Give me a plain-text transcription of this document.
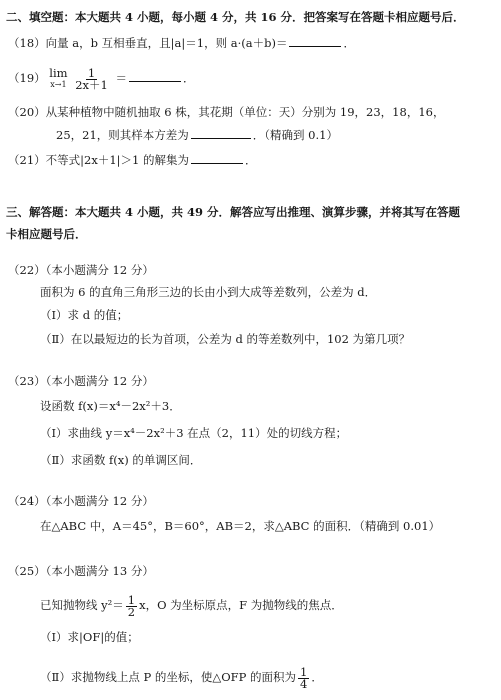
二、填空题：本大题共 4 小题，每小题 4 分，共 16 分．把答案写在答题卡相应题号后．
（18）向量 a，b 互相垂直，且|a|＝1，则 a·(a＋b)＝	．
（19） lim
x→1
$\frac{1}{2x+1}$ ＝	．
（20）从某种植物中随机抽取 6 株，其花期（单位：天）分别为 19，23，18，16，
25，21，则其样本方差为	．（精确到 0.1）
（21）不等式|2x＋1|＞1 的解集为	．
三、解答题：本大题共 4 小题，共 49 分．解答应写出推理、演算步骤，并将其写在答题
卡相应题号后．
（22）（本小题满分 12 分）
面积为 6 的直角三角形三边的长由小到大成等差数列，公差为 d．
（Ⅰ）求 d 的值；
（Ⅱ）在以最短边的长为首项，公差为 d 的等差数列中，102 为第几项？
（23）（本小题满分 12 分）
设函数 f(x)＝x⁴－2x²＋3．
（Ⅰ）求曲线 y＝x⁴－2x²＋3 在点（2，11）处的切线方程；
（Ⅱ）求函数 f(x) 的单调区间．
（24）（本小题满分 12 分）
在△ABC 中，A＝45°，B＝60°，AB＝2，求△ABC 的面积．（精确到 0.01）
（25）（本小题满分 13 分）
已知抛物线 $y^2= \frac{1}{2}$ x，O 为坐标原点，F 为抛物线的焦点．
（Ⅰ）求|OF|的值；
（Ⅱ）求抛物线上点 P 的坐标，使△OFP 的面积为 $\frac{1}{4}$ ．
